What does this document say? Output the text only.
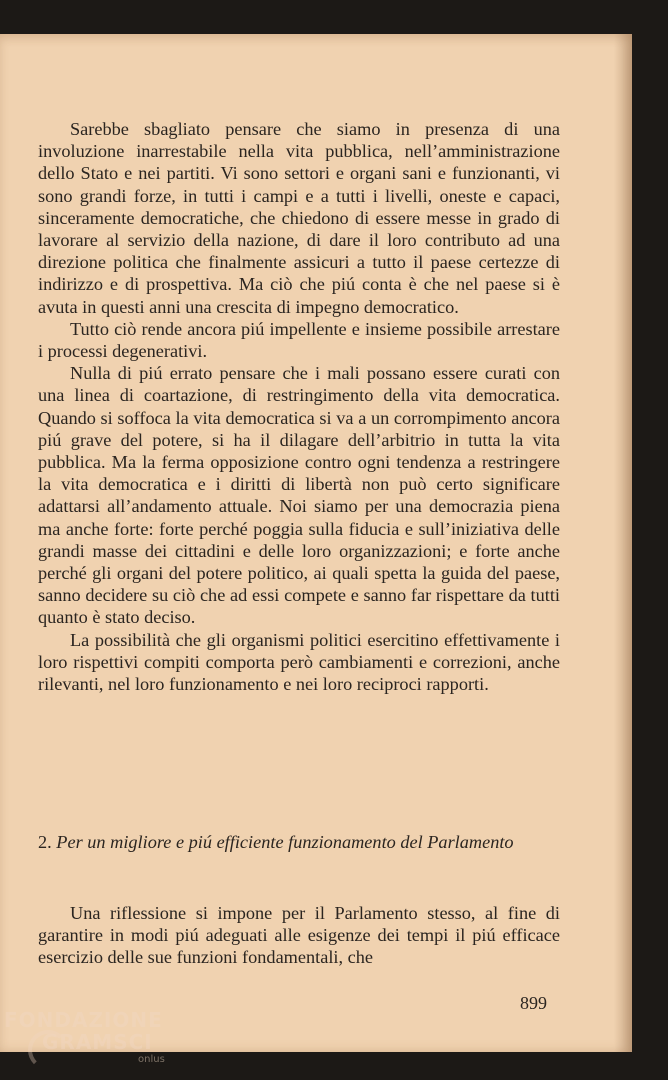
Sarebbe sbagliato pensare che siamo in presenza di una involuzione inarrestabile nella vita pubblica, nell’amministrazione dello Stato e nei partiti. Vi sono settori e organi sani e funzionanti, vi sono grandi forze, in tutti i campi e a tutti i livelli, oneste e capaci, sinceramente democratiche, che chiedono di essere messe in grado di lavorare al servizio della nazione, di dare il loro contributo ad una direzione politica che finalmente assicuri a tutto il paese certezze di indirizzo e di prospettiva. Ma ciò che piú conta è che nel paese si è avuta in questi anni una crescita di impegno democratico.

Tutto ciò rende ancora piú impellente e insieme possibile arrestare i processi degenerativi.

Nulla di piú errato pensare che i mali possano essere curati con una linea di coartazione, di restringimento della vita democratica. Quando si soffoca la vita democratica si va a un corrompimento ancora piú grave del potere, si ha il dilagare dell’arbitrio in tutta la vita pubblica. Ma la ferma opposizione contro ogni tendenza a restringere la vita democratica e i diritti di libertà non può certo significare adattarsi all’andamento attuale. Noi siamo per una democrazia piena ma anche forte: forte perché poggia sulla fiducia e sull’iniziativa delle grandi masse dei cittadini e delle loro organizzazioni; e forte anche perché gli organi del potere politico, ai quali spetta la guida del paese, sanno decidere su ciò che ad essi compete e sanno far rispettare da tutti quanto è stato deciso.

La possibilità che gli organismi politici esercitino effettivamente i loro rispettivi compiti comporta però cambiamenti e correzioni, anche rilevanti, nel loro funzionamento e nei loro reciproci rapporti.

2. Per un migliore e piú efficiente funzionamento del Parlamento

Una riflessione si impone per il Parlamento stesso, al fine di garantire in modi piú adeguati alle esigenze dei tempi il piú efficace esercizio delle sue funzioni fondamentali, che

899
FONDAZIONE
GRAMSCI
onlus
